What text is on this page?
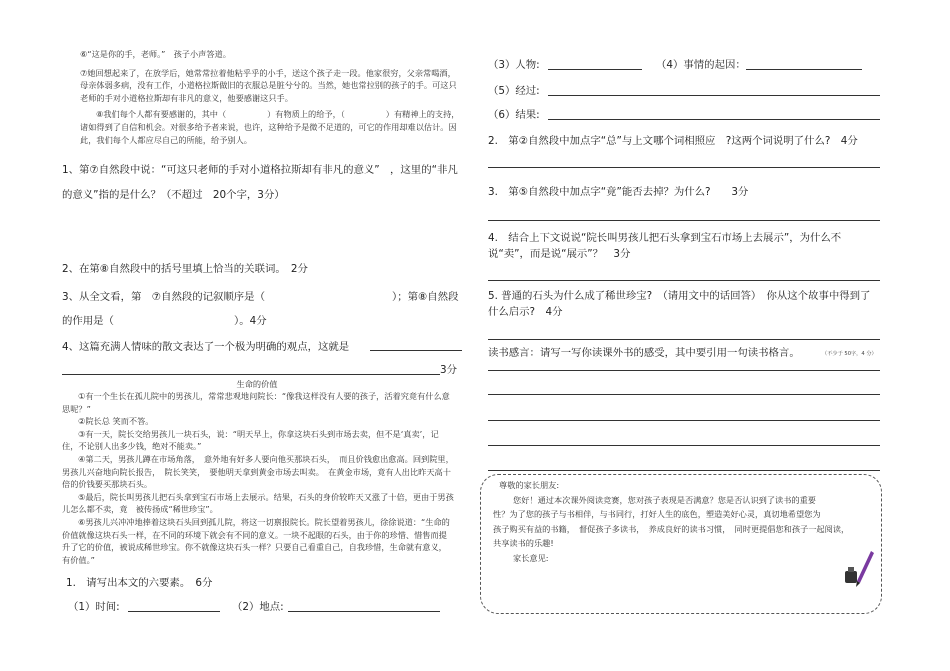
⑥“这是你的手，老师。”　孩子小声答道。

⑦她回想起来了，在放学后，她常常拉着他粘乎乎的小手，送这个孩子走一段。他家很穷，父亲常喝酒，母亲体弱多病，没有工作，小道格拉斯做旧的衣服总是脏兮兮的。当然，她也常拉别的孩子的手。可这只老师的手对小道格拉斯却有非凡的意义，他要感谢这只手。

⑧我们每个人都有要感谢的，其中（　　　　　）有物质上的给予，（　　　　　）有精神上的支持，诸如得到了自信和机会。对很多给予者来说，也许，这种给予是微不足道的，可它的作用却难以估计。因此，我们每个人都应尽自己的所能，给予别人。

1、第⑦自然段中说：“可这只老师的手对小道格拉斯却有非凡的意义”　，这里的“非凡的意义”指的是什么？（不超过　20个字，3分）

2、在第⑧自然段中的括号里填上恰当的关联词。　2分

3、从全文看，第　⑦自然段的记叙顺序是（	）；第⑧自然段
的作用是（	）。4分
4、这篇充满人情味的散文表达了一个极为明确的观点，这就是
3分

生命的价值

①有一个生长在孤儿院中的男孩儿，常常悲观地问院长：“像我这样没有人要的孩子，活着究竟有什么意思呢？”

②院长总 笑而不答。

③有一天，院长交给男孩儿一块石头，说：“明天早上，你拿这块石头到市场去卖，但不是‘真卖’，记住，不论别人出多少钱，绝对不能卖。”

④第二天，男孩儿蹲在市场角落，　意外地有好多人要向他买那块石头，　而且价钱愈出愈高。回到院里，男孩儿兴奋地向院长报告，　院长笑笑，　要他明天拿到黄金市场去叫卖。　在黄金市场，竟有人出比昨天高十倍的价钱要买那块石头。

⑤最后，院长叫男孩儿把石头拿到宝石市场上去展示。结果，石头的身价较昨天又涨了十倍，更由于男孩儿怎么都不卖，竟　被传扬成“稀世珍宝”。

⑥男孩儿兴冲冲地捧着这块石头回到孤儿院，将这一切禀报院长。院长望着男孩儿，徐徐说道：“生命的价值就像这块石头一样，在不同的环境下就会有不同的意义。一块不起眼的石头，由于你的珍惜、惜售而提升了它的价值，被说成稀世珍宝。你不就像这块石头一样？只要自己看重自己，自我珍惜，生命就有意义，有价值。”

1.　请写出本文的六要素。　6分

（1）时间:	（2）地点:
（3）人物:	（4）事情的起因：
（5）经过:
（6）结果:

2.　第②自然段中加点字“总”与上文哪个词相照应　?这两个词说明了什么?　4分

3.　第⑤自然段中加点字“竟”能否去掉？为什么?　　3分

4.　结合上下文说说“院长叫男孩儿把石头拿到宝石市场上去展示”，为什么不说“卖”，而是说“展示”？　3分

5. 普通的石头为什么成了稀世珍宝?　（请用文中的话回答）　你从这个故事中得到了什么启示?　4分

读书感言：请写一写你读课外书的感受，其中要引用一句读书格言。	（不少于 50字，4 分）

尊敬的家长朋友:

您好！通过本次课外阅读竞赛，您对孩子表现是否满意？您是否认识到了读书的重要

性？为了您的孩子与书相伴，与书同行，打好人生的底色，塑造美好心灵，真切地希望您为

孩子购买有益的书籍，　督促孩子多读书，　养成良好的读书习惯，　同时更提倡您和孩子一起阅读，

共享读书的乐趣!

家长意见:
